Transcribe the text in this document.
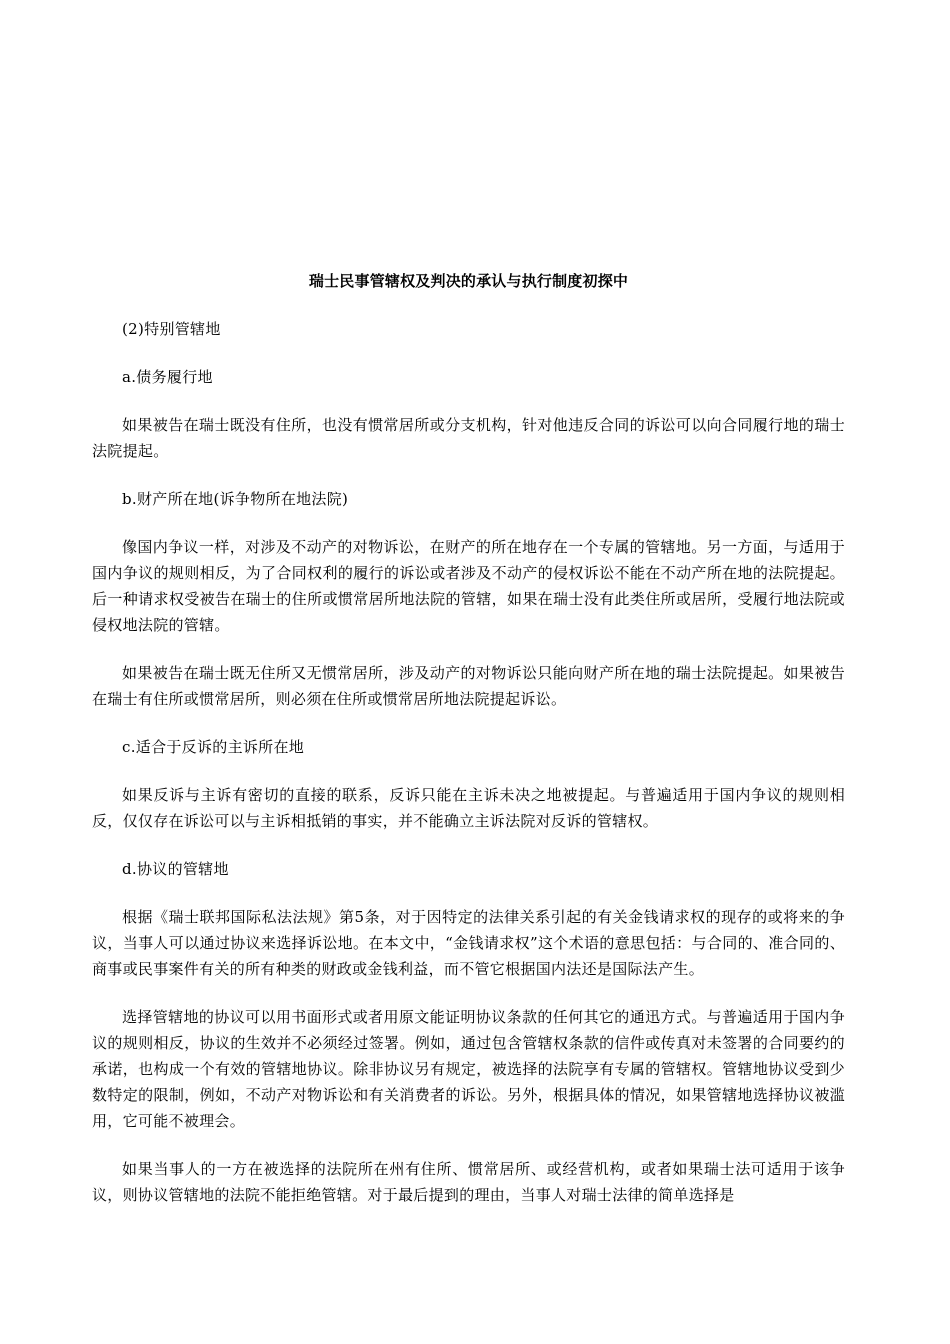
瑞士民事管辖权及判决的承认与执行制度初探中

(2)特别管辖地

a.债务履行地

如果被告在瑞士既没有住所，也没有惯常居所或分支机构，针对他违反合同的诉讼可以向合同履行地的瑞士法院提起。

b.财产所在地(诉争物所在地法院)

像国内争议一样，对涉及不动产的对物诉讼，在财产的所在地存在一个专属的管辖地。另一方面，与适用于国内争议的规则相反，为了合同权利的履行的诉讼或者涉及不动产的侵权诉讼不能在不动产所在地的法院提起。后一种请求权受被告在瑞士的住所或惯常居所地法院的管辖，如果在瑞士没有此类住所或居所，受履行地法院或侵权地法院的管辖。

如果被告在瑞士既无住所又无惯常居所，涉及动产的对物诉讼只能向财产所在地的瑞士法院提起。如果被告在瑞士有住所或惯常居所，则必须在住所或惯常居所地法院提起诉讼。

c.适合于反诉的主诉所在地

如果反诉与主诉有密切的直接的联系，反诉只能在主诉未决之地被提起。与普遍适用于国内争议的规则相反，仅仅存在诉讼可以与主诉相抵销的事实，并不能确立主诉法院对反诉的管辖权。

d.协议的管辖地

根据《瑞士联邦国际私法法规》第5条，对于因特定的法律关系引起的有关金钱请求权的现存的或将来的争议，当事人可以通过协议来选择诉讼地。在本文中，“金钱请求权”这个术语的意思包括：与合同的、准合同的、商事或民事案件有关的所有种类的财政或金钱利益，而不管它根据国内法还是国际法产生。

选择管辖地的协议可以用书面形式或者用原文能证明协议条款的任何其它的通迅方式。与普遍适用于国内争议的规则相反，协议的生效并不必须经过签署。例如，通过包含管辖权条款的信件或传真对未签署的合同要约的承诺，也构成一个有效的管辖地协议。除非协议另有规定，被选择的法院享有专属的管辖权。管辖地协议受到少数特定的限制，例如，不动产对物诉讼和有关消费者的诉讼。另外，根据具体的情况，如果管辖地选择协议被滥用，它可能不被理会。

如果当事人的一方在被选择的法院所在州有住所、惯常居所、或经营机构，或者如果瑞士法可适用于该争议，则协议管辖地的法院不能拒绝管辖。对于最后提到的理由，当事人对瑞士法律的简单选择是
